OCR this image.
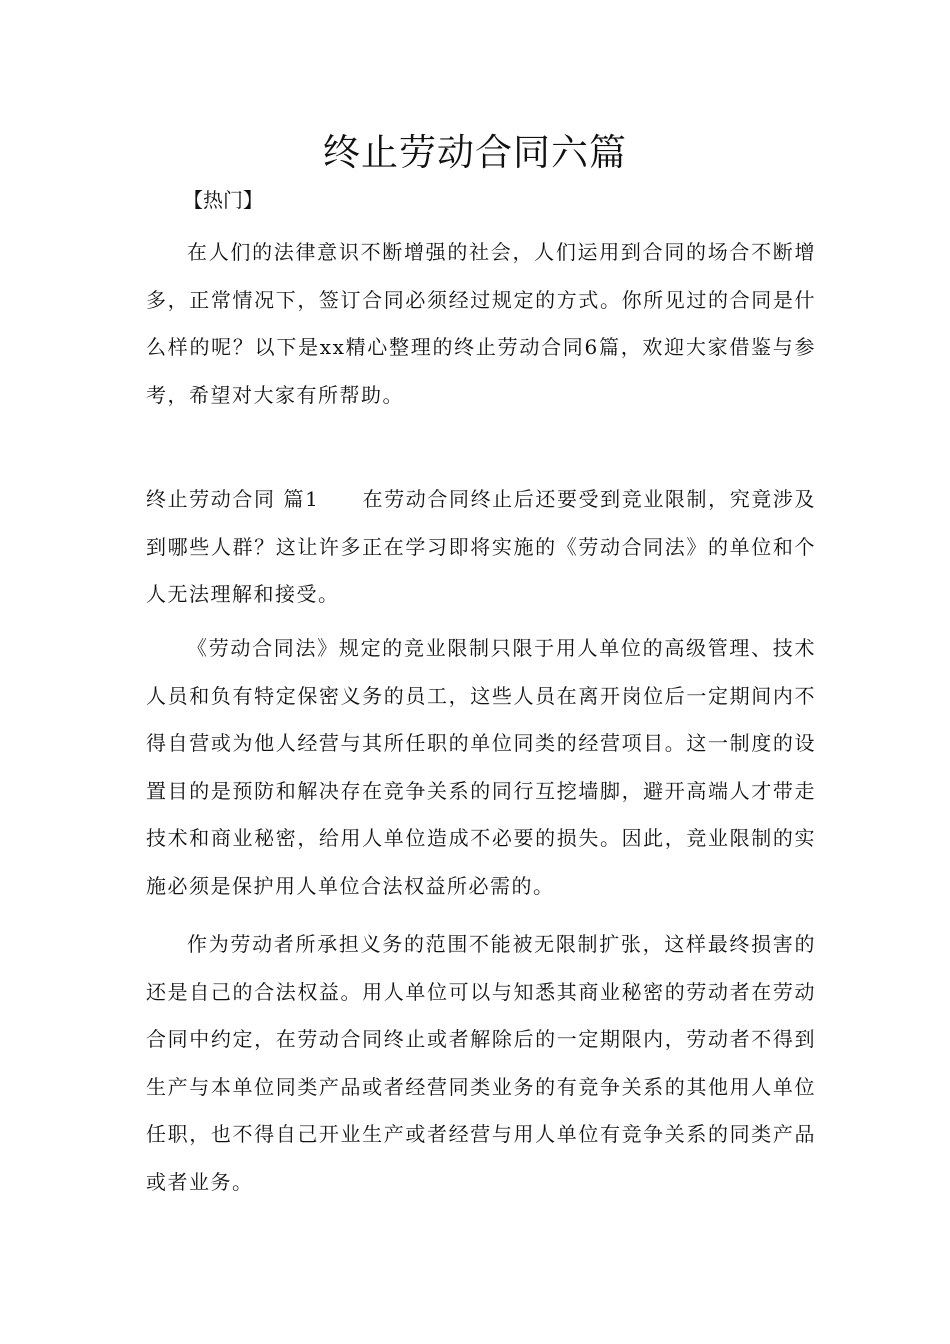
终止劳动合同六篇

【热门】

在人们的法律意识不断增强的社会，人们运用到合同的场合不断增多，正常情况下，签订合同必须经过规定的方式。你所见过的合同是什么样的呢？以下是xx精心整理的终止劳动合同6篇，欢迎大家借鉴与参考，希望对大家有所帮助。

终止劳动合同 篇1　　在劳动合同终止后还要受到竞业限制，究竟涉及到哪些人群？这让许多正在学习即将实施的《劳动合同法》的单位和个人无法理解和接受。

《劳动合同法》规定的竞业限制只限于用人单位的高级管理、技术人员和负有特定保密义务的员工，这些人员在离开岗位后一定期间内不得自营或为他人经营与其所任职的单位同类的经营项目。这一制度的设置目的是预防和解决存在竞争关系的同行互挖墙脚，避开高端人才带走技术和商业秘密，给用人单位造成不必要的损失。因此，竞业限制的实施必须是保护用人单位合法权益所必需的。

作为劳动者所承担义务的范围不能被无限制扩张，这样最终损害的还是自己的合法权益。用人单位可以与知悉其商业秘密的劳动者在劳动合同中约定，在劳动合同终止或者解除后的一定期限内，劳动者不得到生产与本单位同类产品或者经营同类业务的有竞争关系的其他用人单位任职，也不得自己开业生产或者经营与用人单位有竞争关系的同类产品或者业务。
